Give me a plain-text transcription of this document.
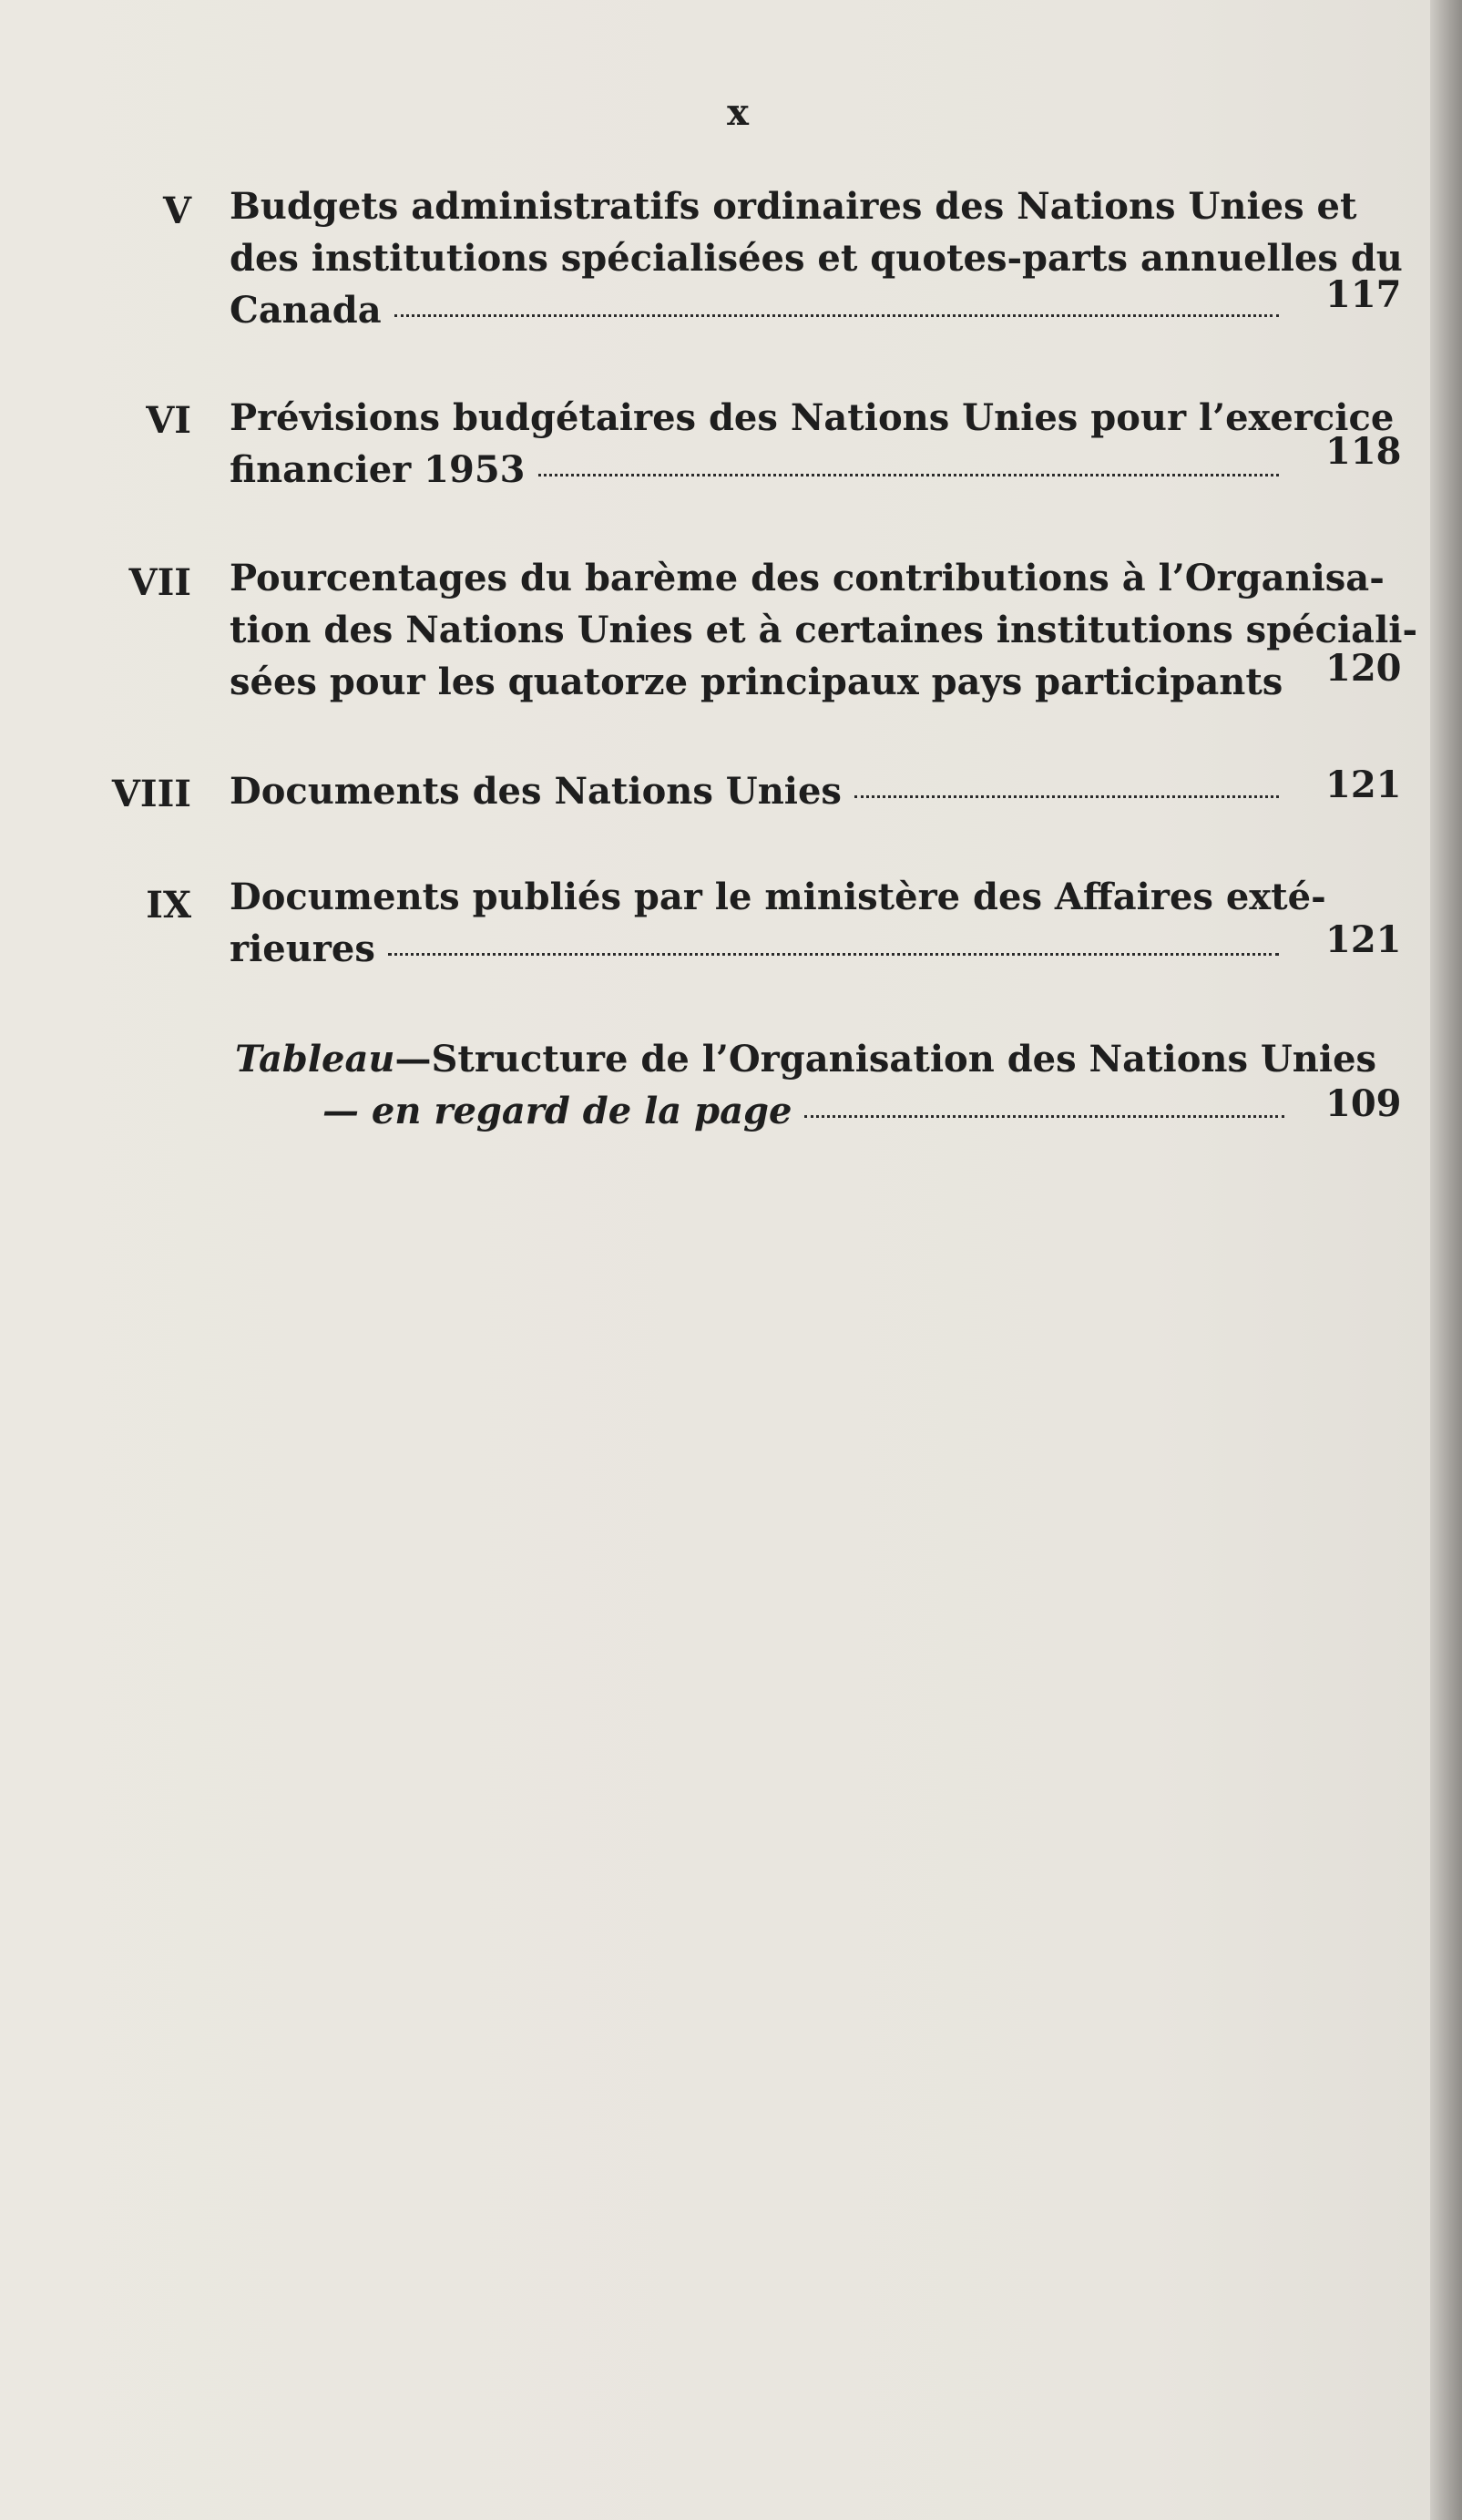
x
V Budgets administratifs ordinaires des Nations Unies et
des institutions spécialisées et quotes-parts annuelles du
Canada	117
VI Prévisions budgétaires des Nations Unies pour l’exercice
financier 1953	118
VII Pourcentages du barème des contributions à l’Organisa-
tion des Nations Unies et à certaines institutions spéciali-
sées pour les quatorze principaux pays participants 120
VIII Documents des Nations Unies	121
IX Documents publiés par le ministère des Affaires exté-
rieures	121
Tableau—Structure de l’Organisation des Nations Unies
— en regard de la page	109
